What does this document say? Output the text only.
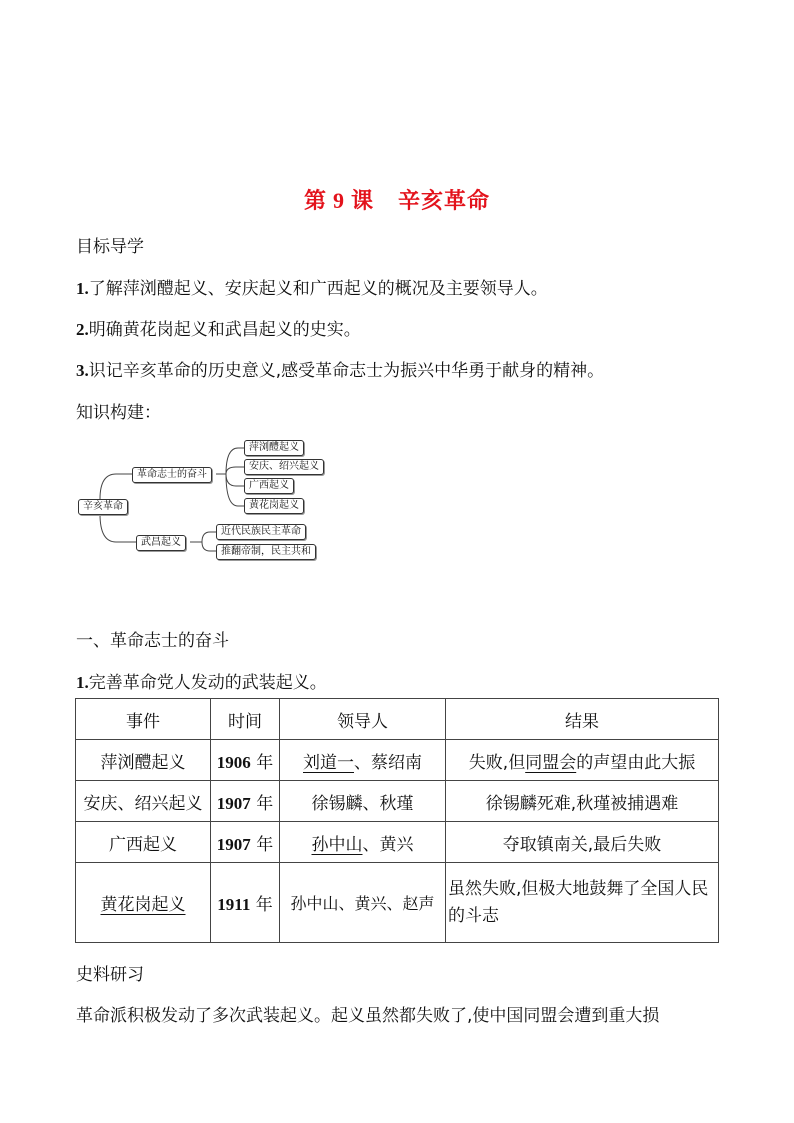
第 9 课 辛亥革命
目标导学
1.了解萍浏醴起义、安庆起义和广西起义的概况及主要领导人。
2.明确黄花岗起义和武昌起义的史实。
3.识记辛亥革命的历史意义,感受革命志士为振兴中华勇于献身的精神。
知识构建：
辛亥革命
革命志士的奋斗
萍浏醴起义
安庆、绍兴起义
广西起义
黄花岗起义
武昌起义
近代民族民主革命
推翻帝制，民主共和
一、革命志士的奋斗
1.完善革命党人发动的武装起义。
事件	时间	领导人	结果
萍浏醴起义	1906 年	刘道一、蔡绍南	失败,但同盟会的声望由此大振
安庆、绍兴起义	1907 年	徐锡麟、秋瑾	徐锡麟死难,秋瑾被捕遇难
广西起义	1907 年	孙中山、黄兴	夺取镇南关,最后失败
黄花岗起义	1911 年	孙中山、黄兴、赵声	虽然失败,但极大地鼓舞了全国人民的斗志
史料研习
革命派积极发动了多次武装起义。起义虽然都失败了,使中国同盟会遭到重大损
